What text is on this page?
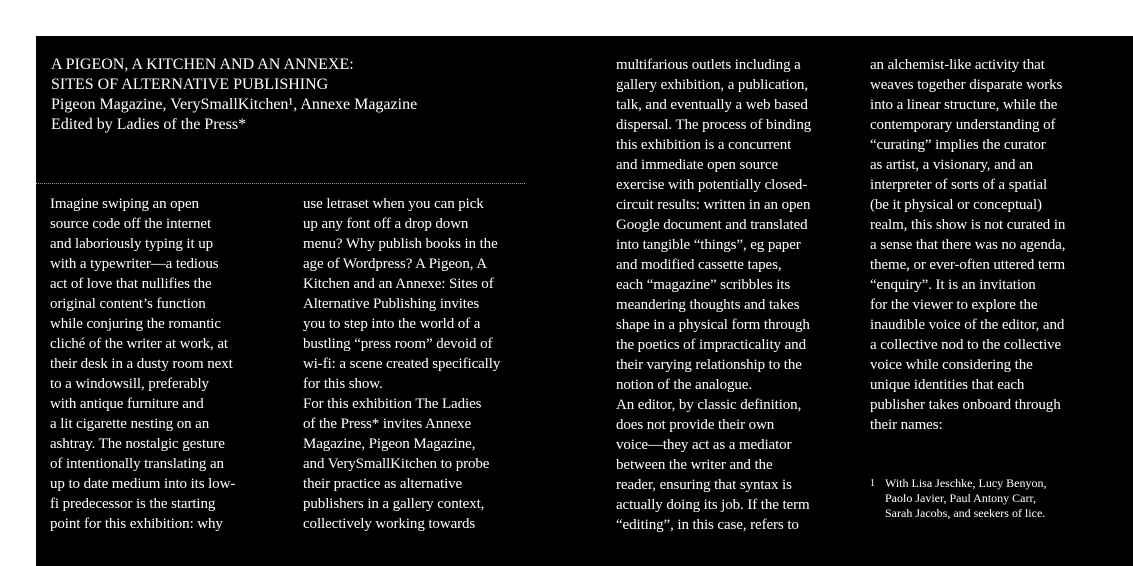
A PIGEON, A KITCHEN AND AN ANNEXE:
SITES OF ALTERNATIVE PUBLISHING
Pigeon Magazine, VerySmallKitchen¹, Annexe Magazine
Edited by Ladies of the Press*
Imagine swiping an open
source code off the internet
and laboriously typing it up
with a typewriter—a tedious
act of love that nullifies the
original content’s function
while conjuring the romantic
cliché of the writer at work, at
their desk in a dusty room next
to a windowsill, preferably
with antique furniture and
a lit cigarette nesting on an
ashtray. The nostalgic gesture
of intentionally translating an
up to date medium into its low-
fi predecessor is the starting
point for this exhibition: why
use letraset when you can pick
up any font off a drop down
menu? Why publish books in the
age of Wordpress? A Pigeon, A
Kitchen and an Annexe: Sites of
Alternative Publishing invites
you to step into the world of a
bustling “press room” devoid of
wi-fi: a scene created specifically
for this show.
For this exhibition The Ladies
of the Press* invites Annexe
Magazine, Pigeon Magazine,
and VerySmallKitchen to probe
their practice as alternative
publishers in a gallery context,
collectively working towards
multifarious outlets including a
gallery exhibition, a publication,
talk, and eventually a web based
dispersal. The process of binding
this exhibition is a concurrent
and immediate open source
exercise with potentially closed-
circuit results: written in an open
Google document and translated
into tangible “things”, eg paper
and modified cassette tapes,
each “magazine” scribbles its
meandering thoughts and takes
shape in a physical form through
the poetics of impracticality and
their varying relationship to the
notion of the analogue.
An editor, by classic definition,
does not provide their own
voice—they act as a mediator
between the writer and the
reader, ensuring that syntax is
actually doing its job. If the term
“editing”, in this case, refers to
an alchemist-like activity that
weaves together disparate works
into a linear structure, while the
contemporary understanding of
“curating” implies the curator
as artist, a visionary, and an
interpreter of sorts of a spatial
(be it physical or conceptual)
realm, this show is not curated in
a sense that there was no agenda,
theme, or ever-often uttered term
“enquiry”. It is an invitation
for the viewer to explore the
inaudible voice of the editor, and
a collective nod to the collective
voice while considering the
unique identities that each
publisher takes onboard through
their names:

1

With Lisa Jeschke, Lucy Benyon,
Paolo Javier, Paul Antony Carr,
Sarah Jacobs, and seekers of lice.
